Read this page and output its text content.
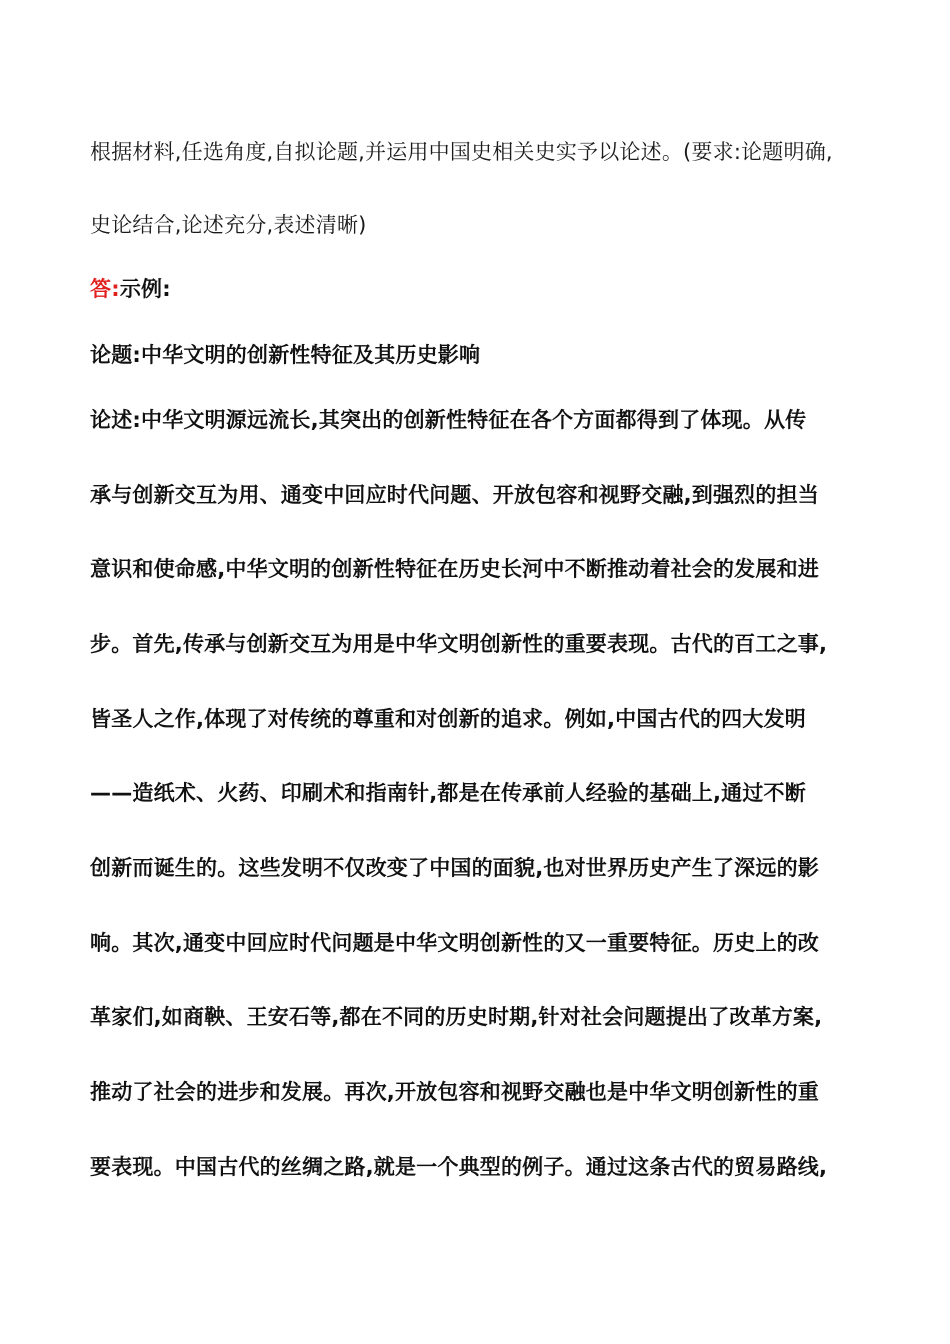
根据材料,任选角度,自拟论题,并运用中国史相关史实予以论述。(要求:论题明确,
史论结合,论述充分,表述清晰)
答:示例:
论题:中华文明的创新性特征及其历史影响
论述:中华文明源远流长,其突出的创新性特征在各个方面都得到了体现。从传
承与创新交互为用、通变中回应时代问题、开放包容和视野交融,到强烈的担当
意识和使命感,中华文明的创新性特征在历史长河中不断推动着社会的发展和进
步。首先,传承与创新交互为用是中华文明创新性的重要表现。古代的百工之事,
皆圣人之作,体现了对传统的尊重和对创新的追求。例如,中国古代的四大发明
——造纸术、火药、印刷术和指南针,都是在传承前人经验的基础上,通过不断
创新而诞生的。这些发明不仅改变了中国的面貌,也对世界历史产生了深远的影
响。其次,通变中回应时代问题是中华文明创新性的又一重要特征。历史上的改
革家们,如商鞅、王安石等,都在不同的历史时期,针对社会问题提出了改革方案,
推动了社会的进步和发展。再次,开放包容和视野交融也是中华文明创新性的重
要表现。中国古代的丝绸之路,就是一个典型的例子。通过这条古代的贸易路线,
